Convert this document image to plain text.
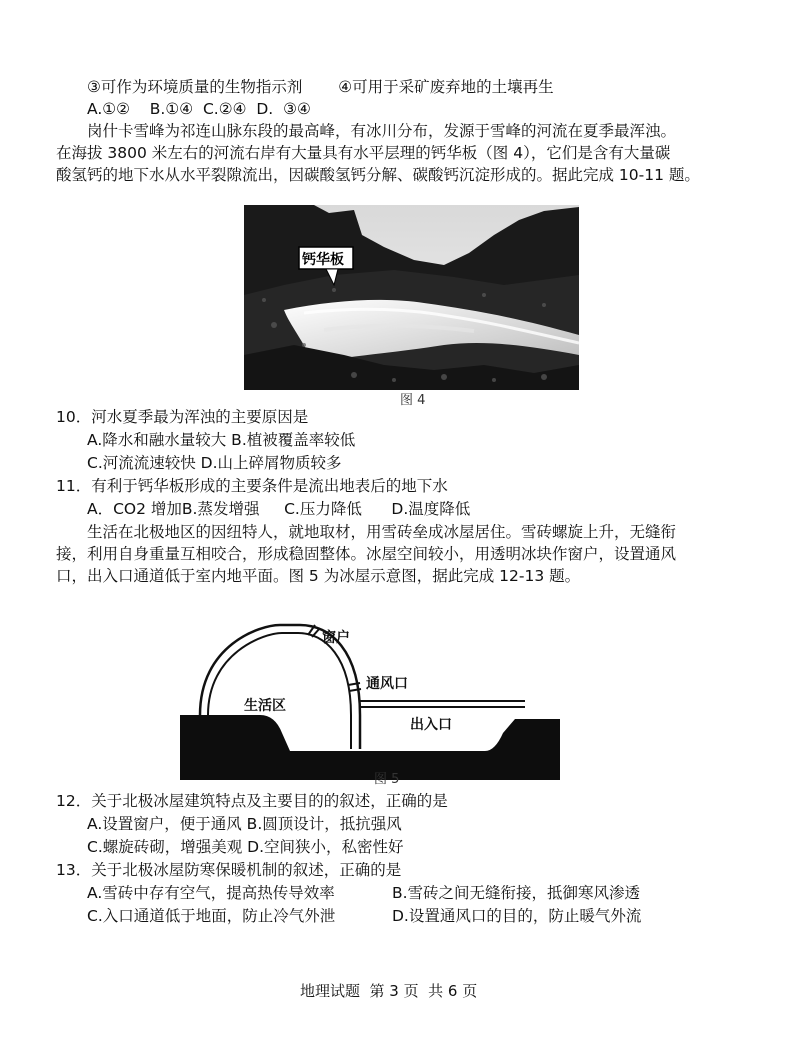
③可作为环境质量的生物指示剂 ④可用于采矿废弃地的土壤再生
A.①②    B.①④  C.②④  D.  ③④
岗什卡雪峰为祁连山脉东段的最高峰，有冰川分布，发源于雪峰的河流在夏季最浑浊。
在海拔 3800 米左右的河流右岸有大量具有水平层理的钙华板（图 4），它们是含有大量碳
酸氢钙的地下水从水平裂隙流出，因碳酸氢钙分解、碳酸钙沉淀形成的。据此完成 10-11 题。
钙华板
图 4
10．河水夏季最为浑浊的主要原因是
A.降水和融水量较大 B.植被覆盖率较低
C.河流流速较快 D.山上碎屑物质较多
11．有利于钙华板形成的主要条件是流出地表后的地下水
A．CO2 增加B.蒸发增强     C.压力降低      D.温度降低
生活在北极地区的因纽特人，就地取材，用雪砖垒成冰屋居住。雪砖螺旋上升，无缝衔
接，利用自身重量互相咬合，形成稳固整体。冰屋空间较小，用透明冰块作窗户，设置通风
口，出入口通道低于室内地平面。图 5 为冰屋示意图，据此完成 12-13 题。
窗户
通风口
生活区
出入口
图 5
12．关于北极冰屋建筑特点及主要目的的叙述，正确的是
A.设置窗户，便于通风 B.圆顶设计，抵抗强风
C.螺旋砖砌，增强美观 D.空间狭小，私密性好
13．关于北极冰屋防寒保暖机制的叙述，正确的是
A.雪砖中存有空气，提高热传导效率	B.雪砖之间无缝衔接，抵御寒风渗透
C.入口通道低于地面，防止冷气外泄	D.设置通风口的目的，防止暖气外流
地理试题  第 3 页  共 6 页
